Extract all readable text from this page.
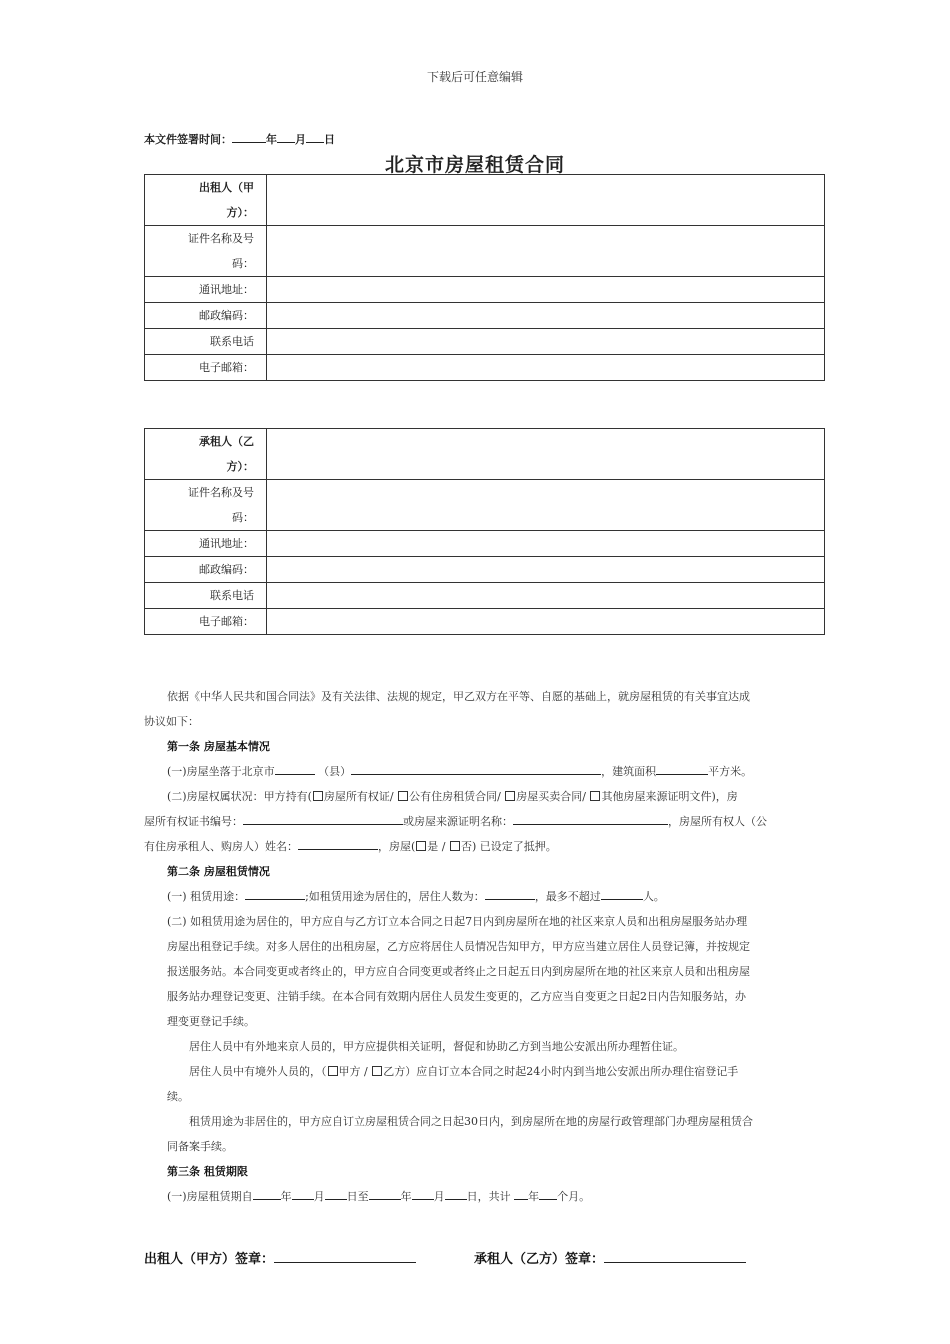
下载后可任意编辑
本文件签署时间：	年 月 日
北京市房屋租赁合同
出租人（甲
方）：	

证件名称及号
码：	

通讯地址：	
邮政编码：	
联系电话	
电子邮箱：	
承租人（乙
方）：	

证件名称及号
码：	

通讯地址：	
邮政编码：	
联系电话	
电子邮箱：	
依据《中华人民共和国合同法》及有关法律、法规的规定，甲乙双方在平等、自愿的基础上，就房屋租赁的有关事宜达成
协议如下：
第一条 房屋基本情况
(一)房屋坐落于北京市	（县）	，建筑面积	平方米。
(二)房屋权属状况：甲方持有( 房屋所有权证/ 公有住房租赁合同/ 房屋买卖合同/ 其他房屋来源证明文件)，房
屋所有权证书编号：	或房屋来源证明名称：	，房屋所有权人（公
有住房承租人、购房人）姓名：	，房屋( 是 / 否) 已设定了抵押。
第二条 房屋租赁情况
(一) 租赁用途：	;如租赁用途为居住的，居住人数为：	，最多不超过	人。
(二) 如租赁用途为居住的，甲方应自与乙方订立本合同之日起7日内到房屋所在地的社区来京人员和出租房屋服务站办理
房屋出租登记手续。对多人居住的出租房屋，乙方应将居住人员情况告知甲方，甲方应当建立居住人员登记簿，并按规定
报送服务站。本合同变更或者终止的，甲方应自合同变更或者终止之日起五日内到房屋所在地的社区来京人员和出租房屋
服务站办理登记变更、注销手续。在本合同有效期内居住人员发生变更的，乙方应当自变更之日起2日内告知服务站，办
理变更登记手续。
居住人员中有外地来京人员的，甲方应提供相关证明，督促和协助乙方到当地公安派出所办理暂住证。
居住人员中有境外人员的，（ 甲方 / 乙方）应自订立本合同之时起24小时内到当地公安派出所办理住宿登记手
续。
租赁用途为非居住的，甲方应自订立房屋租赁合同之日起30日内，到房屋所在地的房屋行政管理部门办理房屋租赁合
同备案手续。
第三条 租赁期限
(一)房屋租赁期自	年 月 日至	年 月 日，共计 年 个月。
出租人（甲方）签章：	承租人（乙方）签章：
